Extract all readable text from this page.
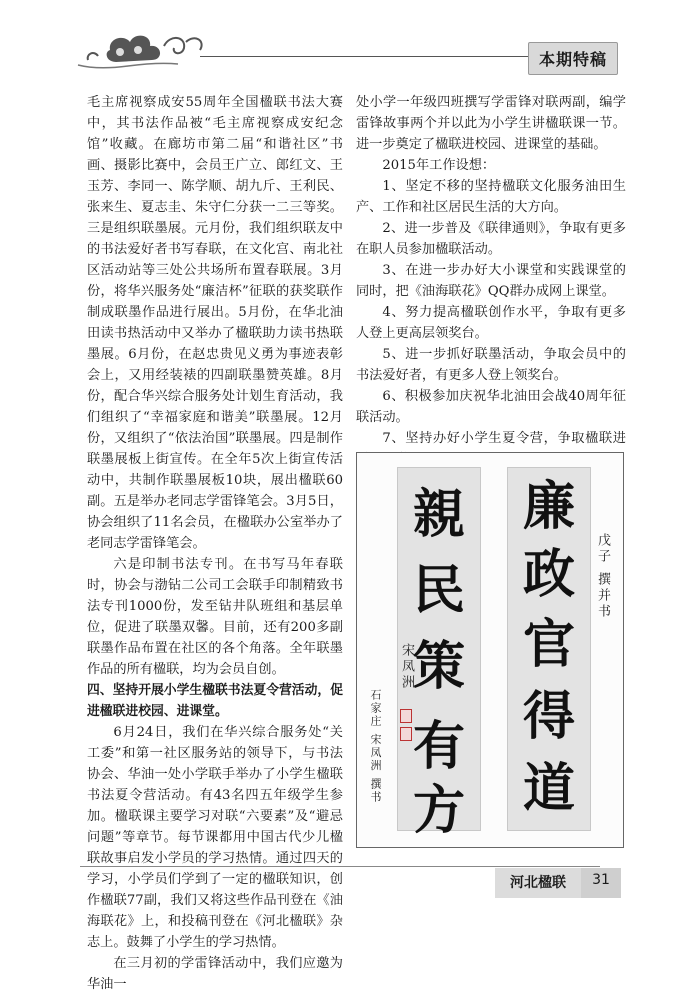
本期特稿

毛主席视察成安55周年全国楹联书法大赛中，其书法作品被“毛主席视察成安纪念馆”收藏。在廊坊市第二届“和谐社区”书画、摄影比赛中，会员王广立、郎红文、王玉芳、李同一、陈学顺、胡九斤、王利民、张来生、夏志圭、朱守仁分获一二三等奖。三是组织联墨展。元月份，我们组织联友中的书法爱好者书写春联，在文化宫、南北社区活动站等三处公共场所布置春联展。3月份，将华兴服务处“廉洁杯”征联的获奖联作制成联墨作品进行展出。5月份，在华北油田读书热活动中又举办了楹联助力读书热联墨展。6月份，在赵忠贵见义勇为事迹表彰会上，又用经装裱的四副联墨赞英雄。8月份，配合华兴综合服务处计划生育活动，我们组织了“幸福家庭和谐美”联墨展。12月份，又组织了“依法治国”联墨展。四是制作联墨展板上街宣传。在全年5次上街宣传活动中，共制作联墨展板10块，展出楹联60副。五是举办老同志学雷锋笔会。3月5日，协会组织了11名会员，在楹联办公室举办了老同志学雷锋笔会。

六是印制书法专刊。在书写马年春联时，协会与渤钻二公司工会联手印制精致书法专刊1000份，发至钻井队班组和基层单位，促进了联墨双馨。目前，还有200多副联墨作品布置在社区的各个角落。全年联墨作品的所有楹联，均为会员自创。

四、坚持开展小学生楹联书法夏令营活动，促进楹联进校园、进课堂。

6月24日，我们在华兴综合服务处“关工委”和第一社区服务站的领导下，与书法协会、华油一处小学联手举办了小学生楹联书法夏令营活动。有43名四五年级学生参加。楹联课主要学习对联“六要素”及“避忌问题”等章节。每节课都用中国古代少儿楹联故事启发小学员的学习热情。通过四天的学习，小学员们学到了一定的楹联知识，创作楹联77副，我们又将这些作品刊登在《油海联花》上，和投稿刊登在《河北楹联》杂志上。鼓舞了小学生的学习热情。

在三月初的学雷锋活动中，我们应邀为华油一

处小学一年级四班撰写学雷锋对联两副，编学雷锋故事两个并以此为小学生讲楹联课一节。进一步奠定了楹联进校园、进课堂的基础。

2015年工作设想：

1、坚定不移的坚持楹联文化服务油田生产、工作和社区居民生活的大方向。

2、进一步普及《联律通则》，争取有更多在职人员参加楹联活动。

3、在进一步办好大小课堂和实践课堂的同时，把《油海联花》QQ群办成网上课堂。

4、努力提高楹联创作水平，争取有更多人登上更高层领奖台。

5、进一步抓好联墨活动，争取会员中的书法爱好者，有更多人登上领奖台。

6、积极参加庆祝华北油田会战40周年征联活动。

7、坚持办好小学生夏令营，争取楹联进

廉
政
官
得
道
戊子 撰并书
親
民
策
有
方
宋凤洲
石家庄 宋凤洲 撰书
河北楹联	31
